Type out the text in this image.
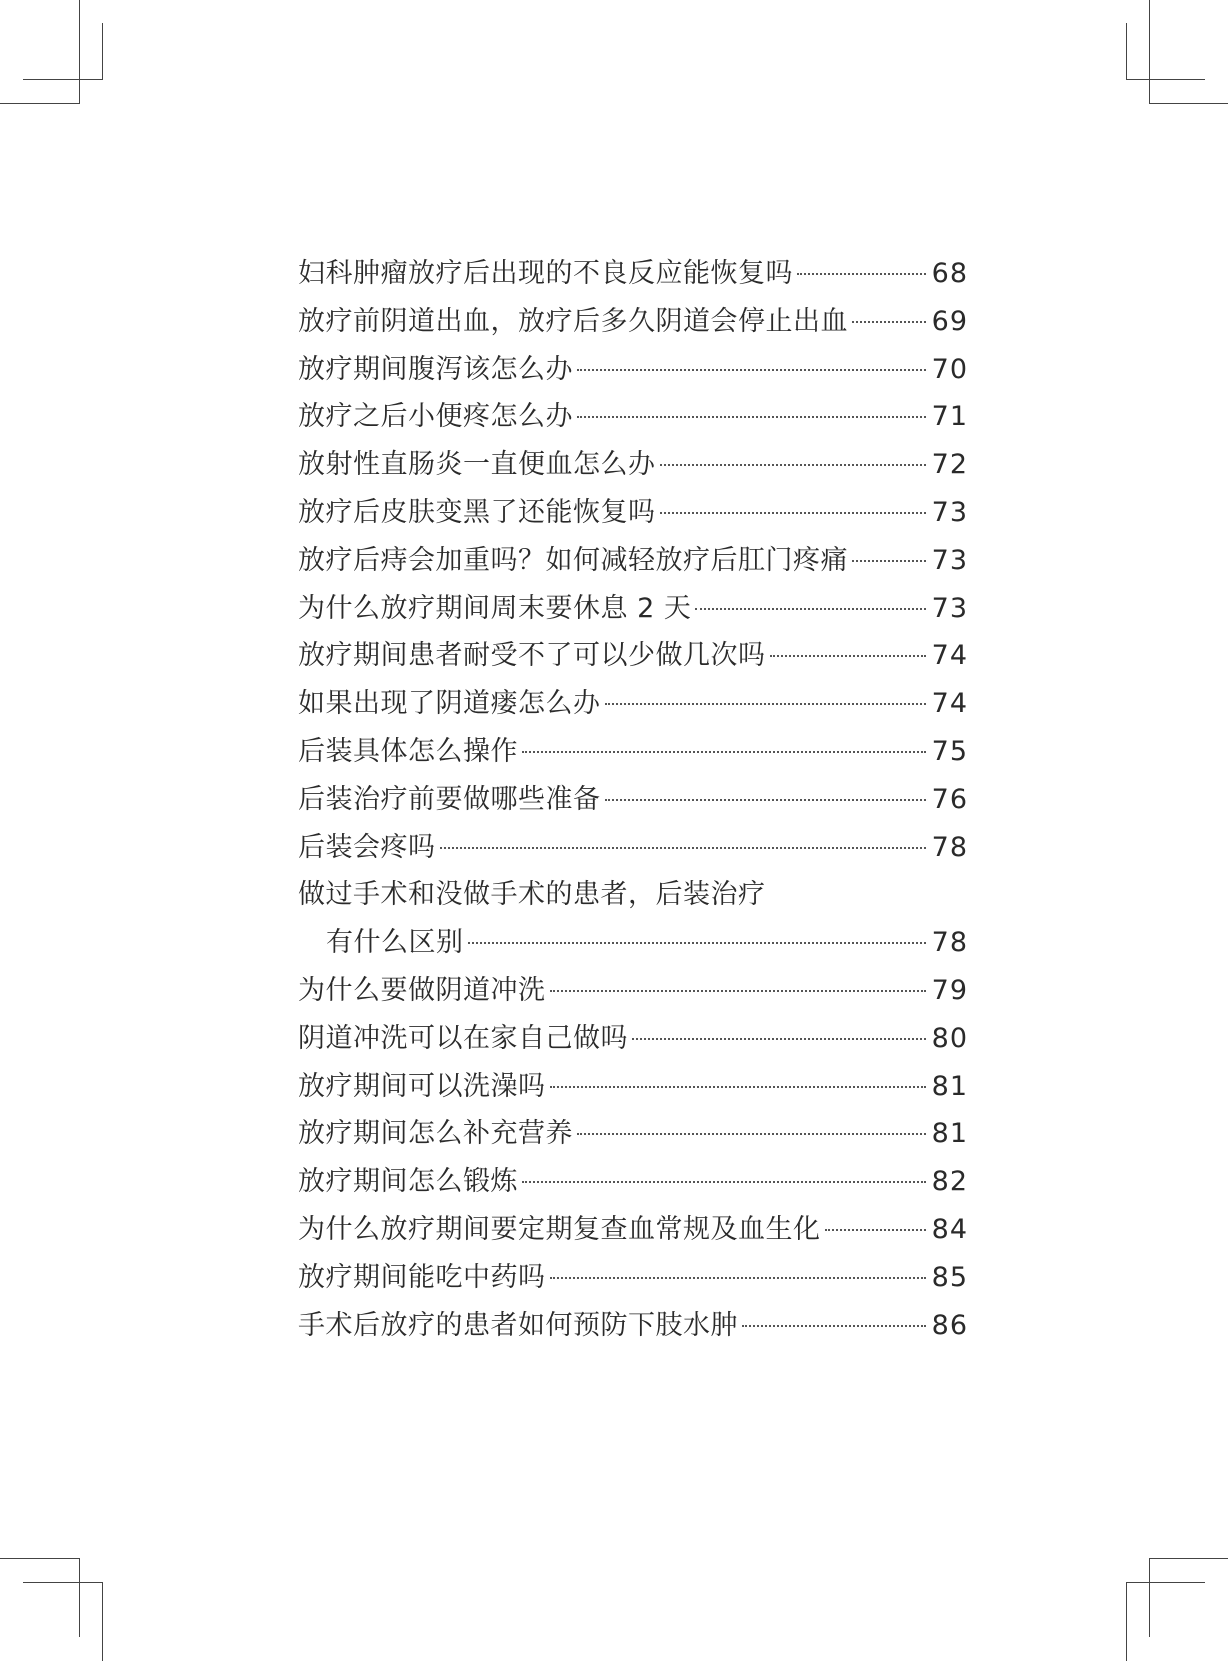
妇科肿瘤放疗后出现的不良反应能恢复吗	68
放疗前阴道出血，放疗后多久阴道会停止出血	69
放疗期间腹泻该怎么办	70
放疗之后小便疼怎么办	71
放射性直肠炎一直便血怎么办	72
放疗后皮肤变黑了还能恢复吗	73
放疗后痔会加重吗？如何减轻放疗后肛门疼痛	73
为什么放疗期间周末要休息 2 天	73
放疗期间患者耐受不了可以少做几次吗	74
如果出现了阴道瘘怎么办	74
后装具体怎么操作	75
后装治疗前要做哪些准备	76
后装会疼吗	78
做过手术和没做手术的患者，后装治疗
有什么区别	78
为什么要做阴道冲洗	79
阴道冲洗可以在家自己做吗	80
放疗期间可以洗澡吗	81
放疗期间怎么补充营养	81
放疗期间怎么锻炼	82
为什么放疗期间要定期复查血常规及血生化	84
放疗期间能吃中药吗	85
手术后放疗的患者如何预防下肢水肿	86
